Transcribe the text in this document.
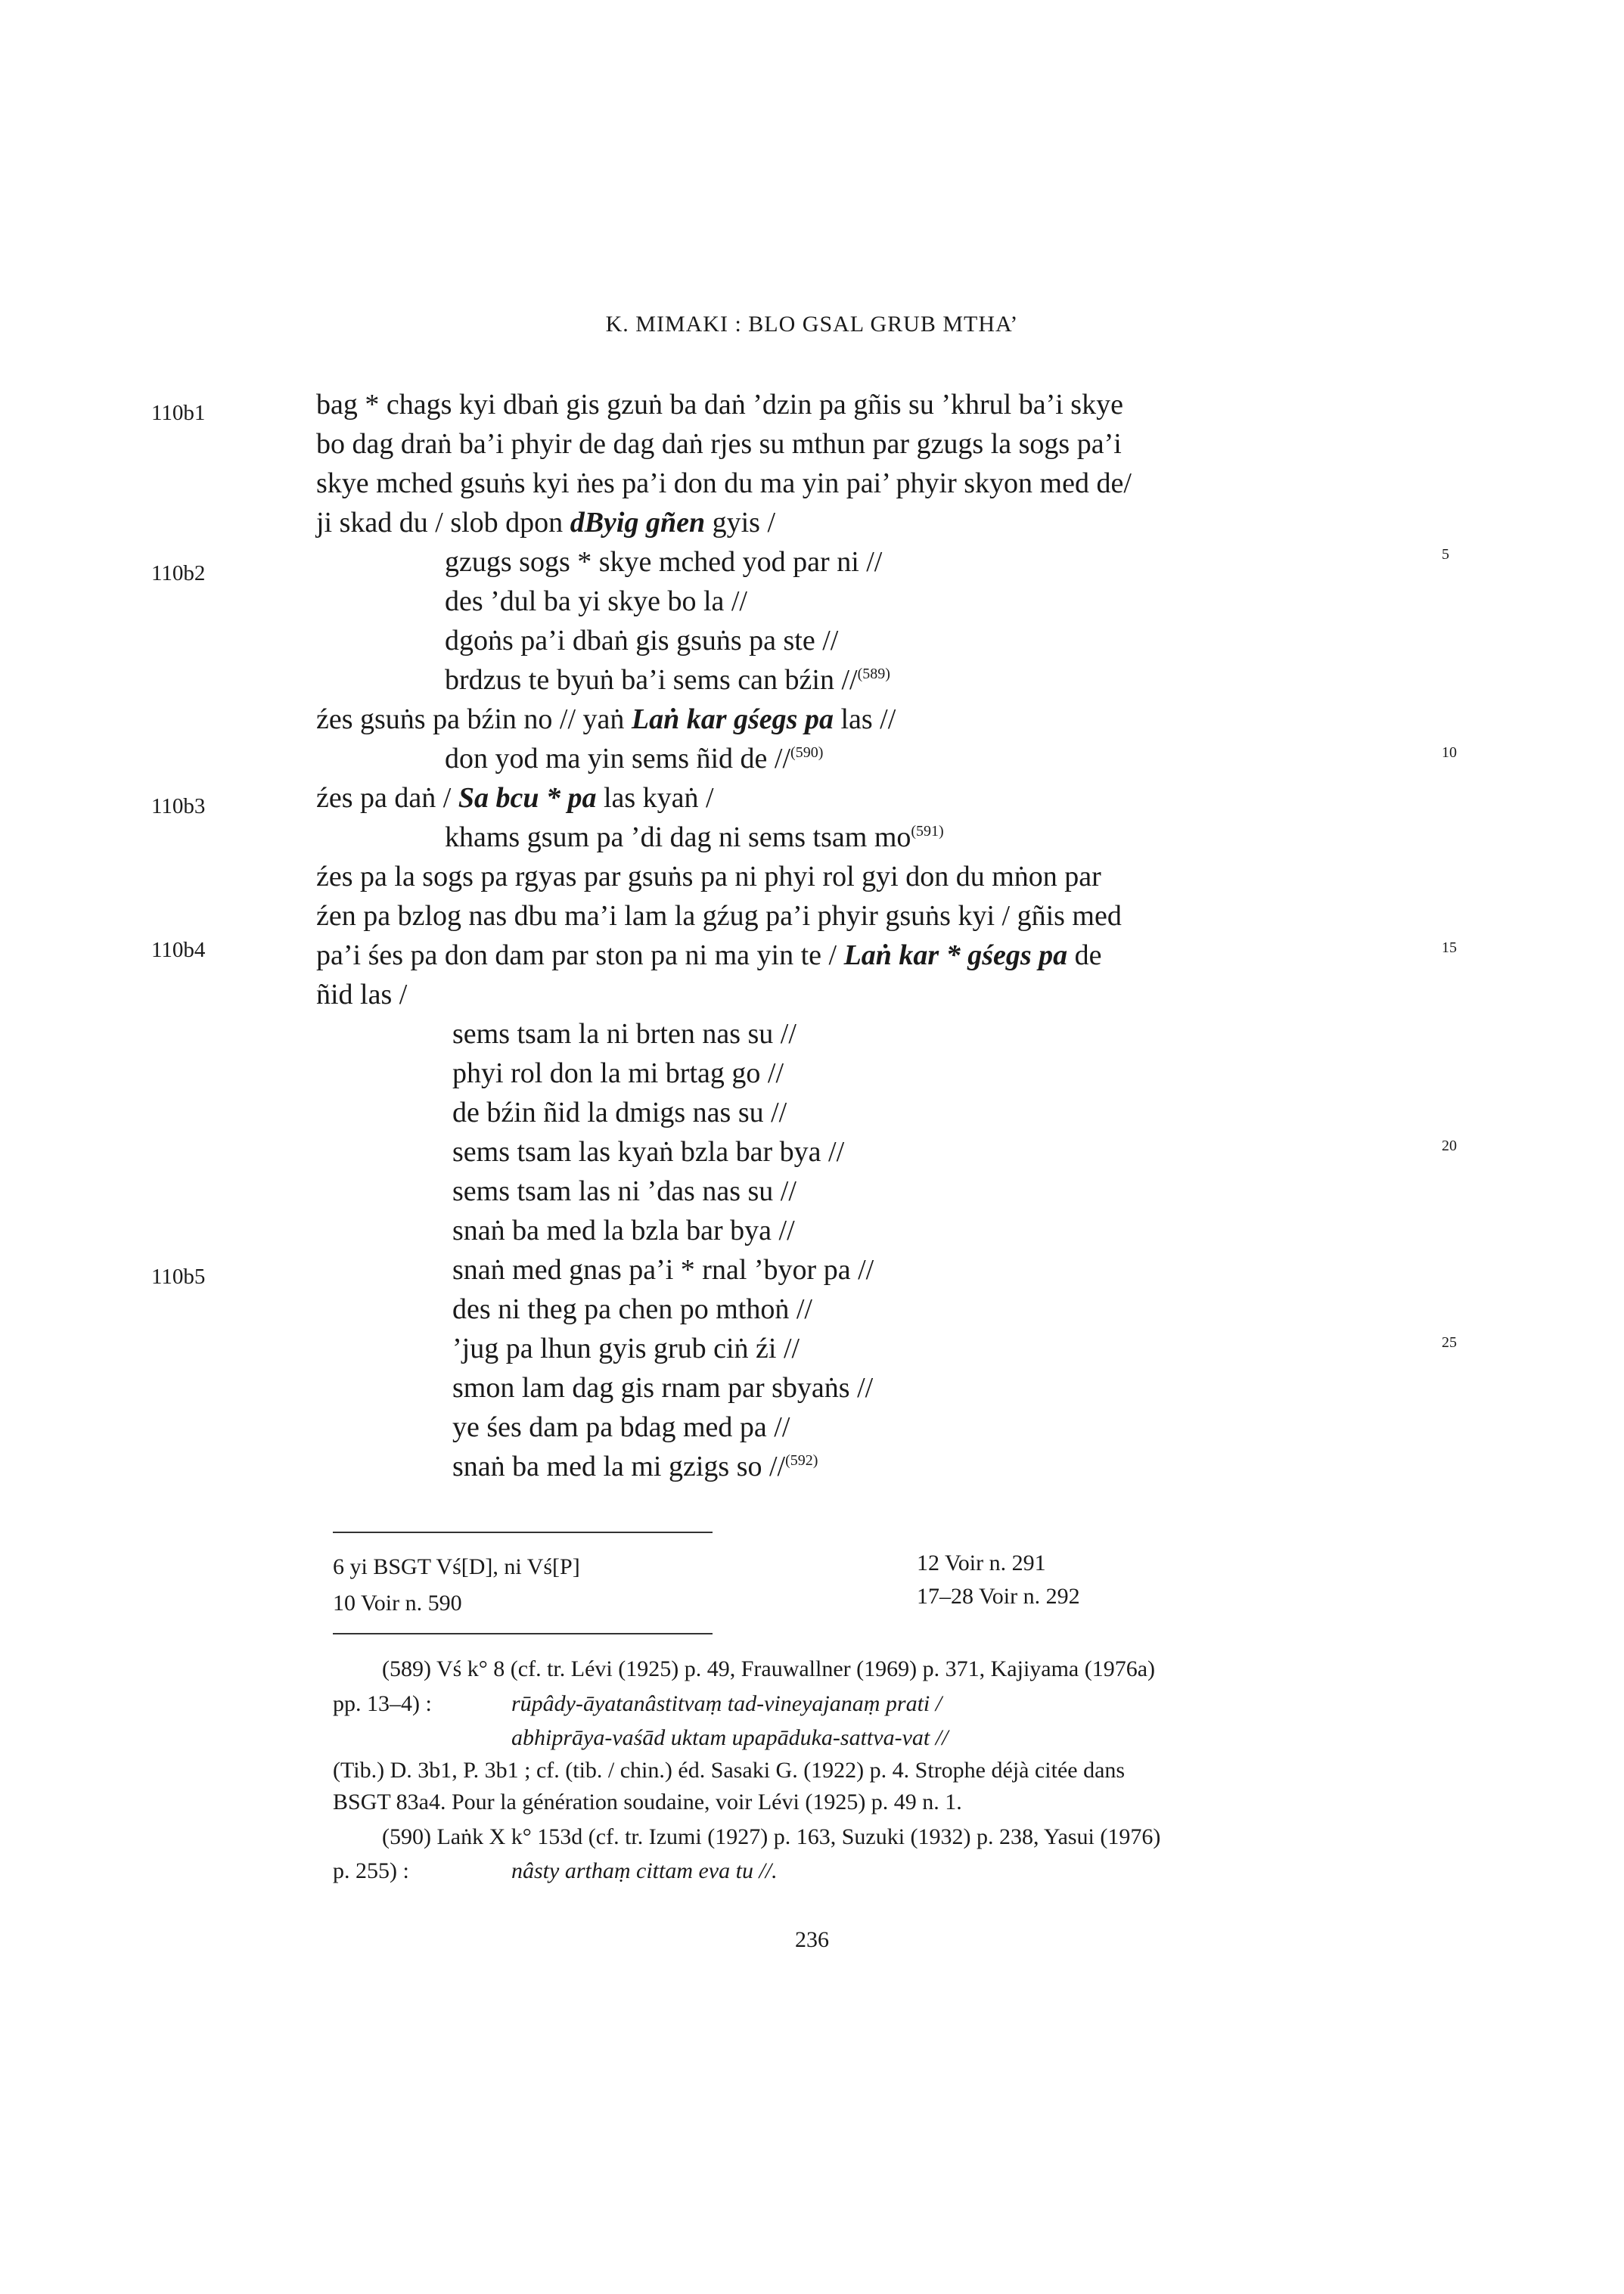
K. MIMAKI : BLO GSAL GRUB MTHA’
110b1
110b2
110b3
110b4
110b5
5
10
15
20
25
bag * chags kyi dbaṅ gis gzuṅ ba daṅ ’dzin pa gñis su ’khrul ba’i skye
bo dag draṅ ba’i phyir de dag daṅ rjes su mthun par gzugs la sogs pa’i
skye mched gsuṅs kyi ṅes pa’i don du ma yin pai’ phyir skyon med de/
ji skad du / slob dpon dByig gñen gyis /
gzugs sogs * skye mched yod par ni //
des ’dul ba yi skye bo la //
dgoṅs pa’i dbaṅ gis gsuṅs pa ste //
brdzus te byuṅ ba’i sems can bźin //$^{(589)}$
źes gsuṅs pa bźin no // yaṅ Laṅ kar gśegs pa las //
don yod ma yin sems ñid de //$^{(590)}$
źes pa daṅ / Sa bcu * pa las kyaṅ /
khams gsum pa ’di dag ni sems tsam $mo^{(591)}$
źes pa la sogs pa rgyas par gsuṅs pa ni phyi rol gyi don du mṅon par
źen pa bzlog nas dbu ma’i lam la gźug pa’i phyir gsuṅs kyi / gñis med
pa’i śes pa don dam par ston pa ni ma yin te / Laṅ kar * gśegs pa de
ñid las /
sems tsam la ni brten nas su //
phyi rol don la mi brtag go //
de bźin ñid la dmigs nas su //
sems tsam las kyaṅ bzla bar bya //
sems tsam las ni ’das nas su //
snaṅ ba med la bzla bar bya //
snaṅ med gnas pa’i * rnal ’byor pa //
des ni theg pa chen po mthoṅ //
’jug pa lhun gyis grub ciṅ źi //
smon lam dag gis rnam par sbyaṅs //
ye śes dam pa bdag med pa //
snaṅ ba med la mi gzigs so //$^{(592)}$
6 yi BSGT Vś[D], ni Vś[P]
10 Voir n. 590
12 Voir n. 291
17–28 Voir n. 292
(589) Vś k° 8 (cf. tr. Lévi (1925) p. 49, Frauwallner (1969) p. 371, Kajiyama (1976a)
pp. 13–4) :	rūpâdy-āyatanâstitvaṃ tad-vineyajanaṃ prati /
abhiprāya-vaśād uktam upapāduka-sattva-vat //
(Tib.) D. 3b1, P. 3b1 ; cf. (tib. / chin.) éd. Sasaki G. (1922) p. 4. Strophe déjà citée dans
BSGT 83a4. Pour la génération soudaine, voir Lévi (1925) p. 49 n. 1.
(590) Laṅk X k° 153d (cf. tr. Izumi (1927) p. 163, Suzuki (1932) p. 238, Yasui (1976)
p. 255) :	nâsty arthaṃ cittam eva tu //.
236
